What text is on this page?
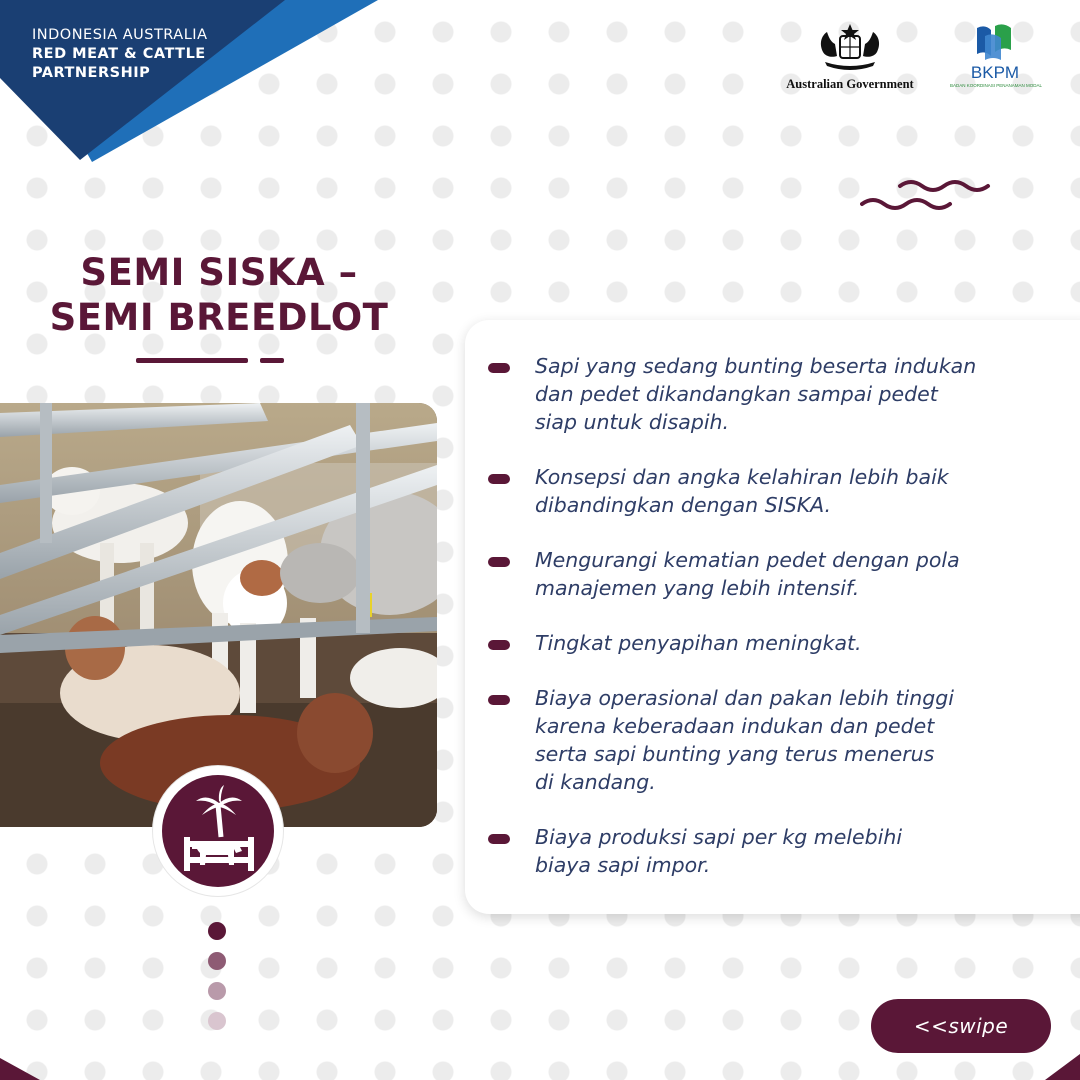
INDONESIA AUSTRALIA
RED MEAT & CATTLE
PARTNERSHIP
Australian Government
BKPM
BADAN KOORDINASI PENANAMAN MODAL
SEMI SISKA –
SEMI BREEDLOT
Sapi yang sedang bunting beserta indukan
dan pedet dikandangkan sampai pedet
siap untuk disapih.
Konsepsi dan angka kelahiran lebih baik
dibandingkan dengan SISKA.
Mengurangi kematian pedet dengan pola
manajemen yang lebih intensif.
Tingkat penyapihan meningkat.
Biaya operasional dan pakan lebih tinggi
karena keberadaan indukan dan pedet
serta sapi bunting yang terus menerus
di kandang.
Biaya produksi sapi per kg melebihi
biaya sapi impor.
<<swipe
